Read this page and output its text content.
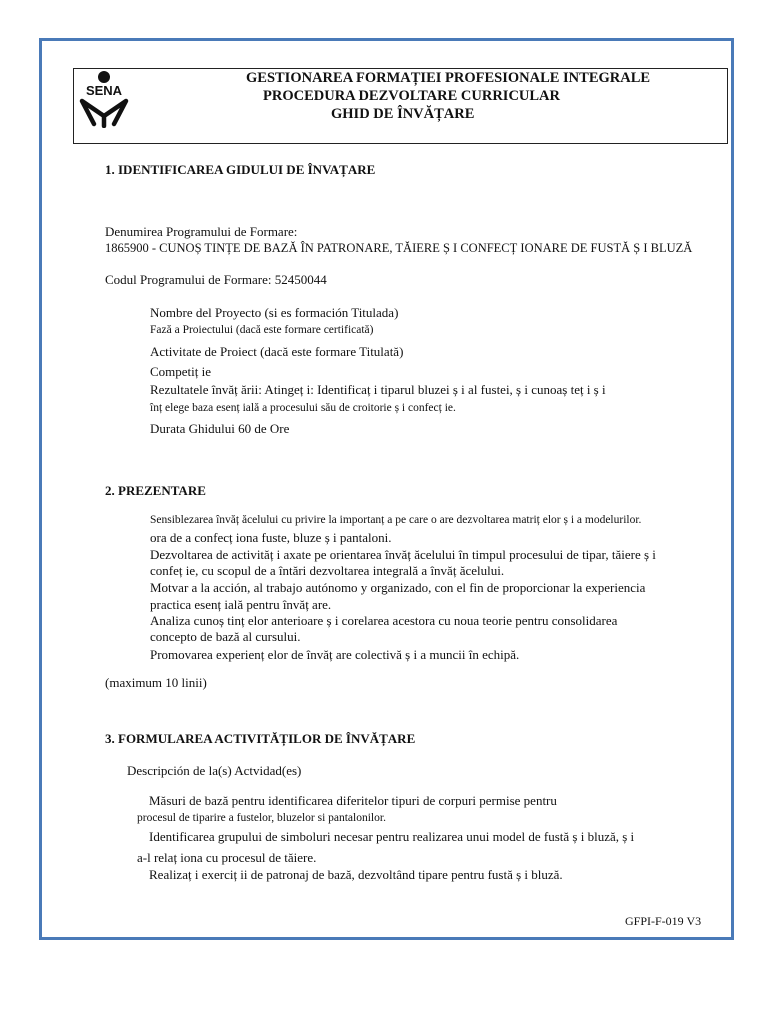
SENA
GESTIONAREA FORMAȚIEI PROFESIONALE INTEGRALE
PROCEDURA DEZVOLTARE CURRICULAR
GHID DE ÎNVĂȚARE
1. IDENTIFICAREA GIDULUI DE ÎNVAȚARE
Denumirea Programului de Formare:
1865900 - CUNOȘ TINȚE DE BAZĂ ÎN PATRONARE, TĂIERE Ș I CONFECȚ IONARE DE FUSTĂ Ș I BLUZĂ
Codul Programului de Formare: 52450044
Nombre del Proyecto (si es formación Titulada)
Fază a Proiectului (dacă este formare certificată)
Activitate de Proiect (dacă este formare Titulată)
Competiț ie
Rezultatele învăț ării: Atingeț i: Identificaț i tiparul bluzei ș i al fustei, ș i cunoaș teț i ș i
înț elege baza esenț ială a procesului său de croitorie ș i confecț ie.
Durata Ghidului 60 de Ore
2. PREZENTARE
Sensiblezarea învăț ăcelului cu privire la importanț a pe care o are dezvoltarea matriț elor ș i a modelurilor.
ora de a confecț iona fuste, bluze ș i pantaloni.
Dezvoltarea de activităț i axate pe orientarea învăț ăcelului în timpul procesului de tipar, tăiere ș i
confeț ie, cu scopul de a întări dezvoltarea integrală a învăț ăcelului.
Motvar a la acción, al trabajo autónomo y organizado, con el fin de proporcionar la experiencia
practica esenț ială pentru învăț are.
Analiza cunoș tinț elor anterioare ș i corelarea acestora cu noua teorie pentru consolidarea
concepto de bază al cursului.
Promovarea experienț elor de învăț are colectivă ș i a muncii în echipă.
(maximum 10 linii)
3. FORMULAREA ACTIVITĂȚILOR DE ÎNVĂȚARE
Descripción de la(s) Actvidad(es)
Măsuri de bază pentru identificarea diferitelor tipuri de corpuri permise pentru
procesul de tiparire a fustelor, bluzelor si pantalonilor.
Identificarea grupului de simboluri necesar pentru realizarea unui model de fustă ș i bluză, ș i
a-l relaț iona cu procesul de tăiere.
Realizaț i exerciț ii de patronaj de bază, dezvoltând tipare pentru fustă ș i bluză.
GFPI-F-019 V3
